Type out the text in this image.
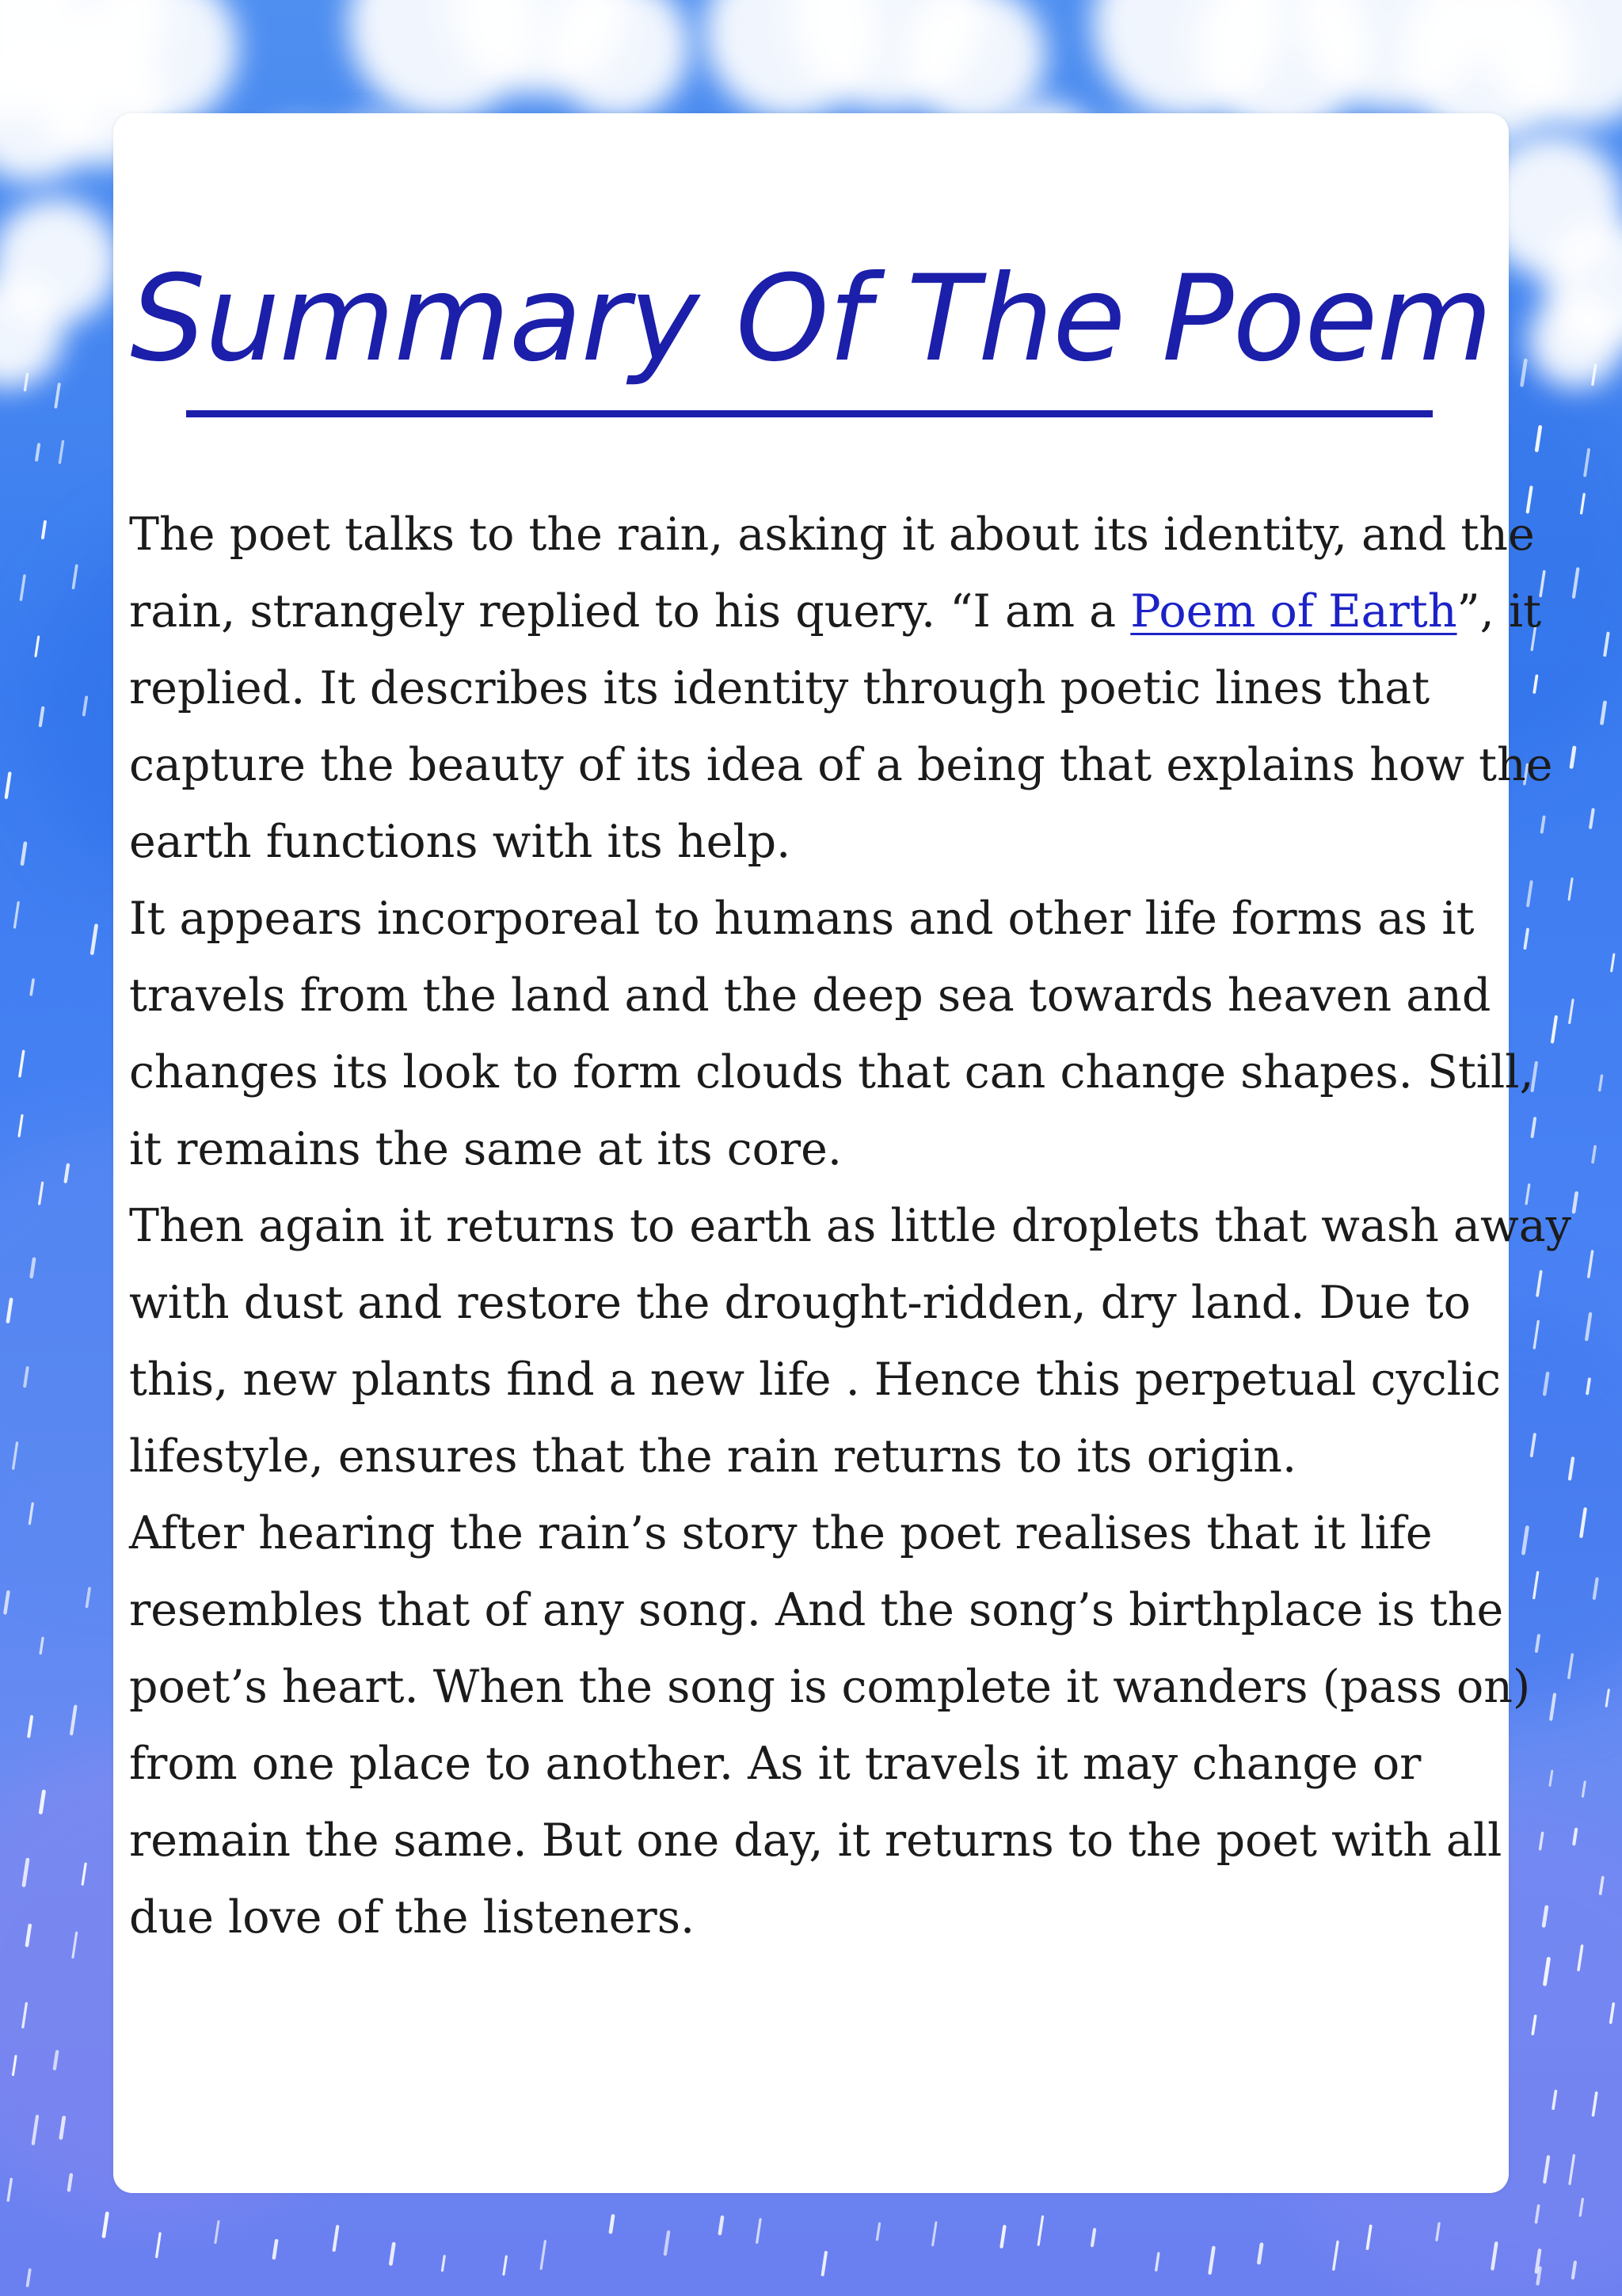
Summary Of The Poem
The poet talks to the rain, asking it about its identity, and the
rain, strangely replied to his query. “I am a Poem of Earth”, it
replied. It describes its identity through poetic lines that
capture the beauty of its idea of a being that explains how the
earth functions with its help.
It appears incorporeal to humans and other life forms as it
travels from the land and the deep sea towards heaven and
changes its look to form clouds that can change shapes. Still,
it remains the same at its core.
Then again it returns to earth as little droplets that wash away
with dust and restore the drought-ridden, dry land. Due to
this, new plants find a new life . Hence this perpetual cyclic
lifestyle, ensures that the rain returns to its origin.
After hearing the rain’s story the poet realises that it life
resembles that of any song. And the song’s birthplace is the
poet’s heart. When the song is complete it wanders (pass on)
from one place to another. As it travels it may change or
remain the same. But one day, it returns to the poet with all
due love of the listeners.
